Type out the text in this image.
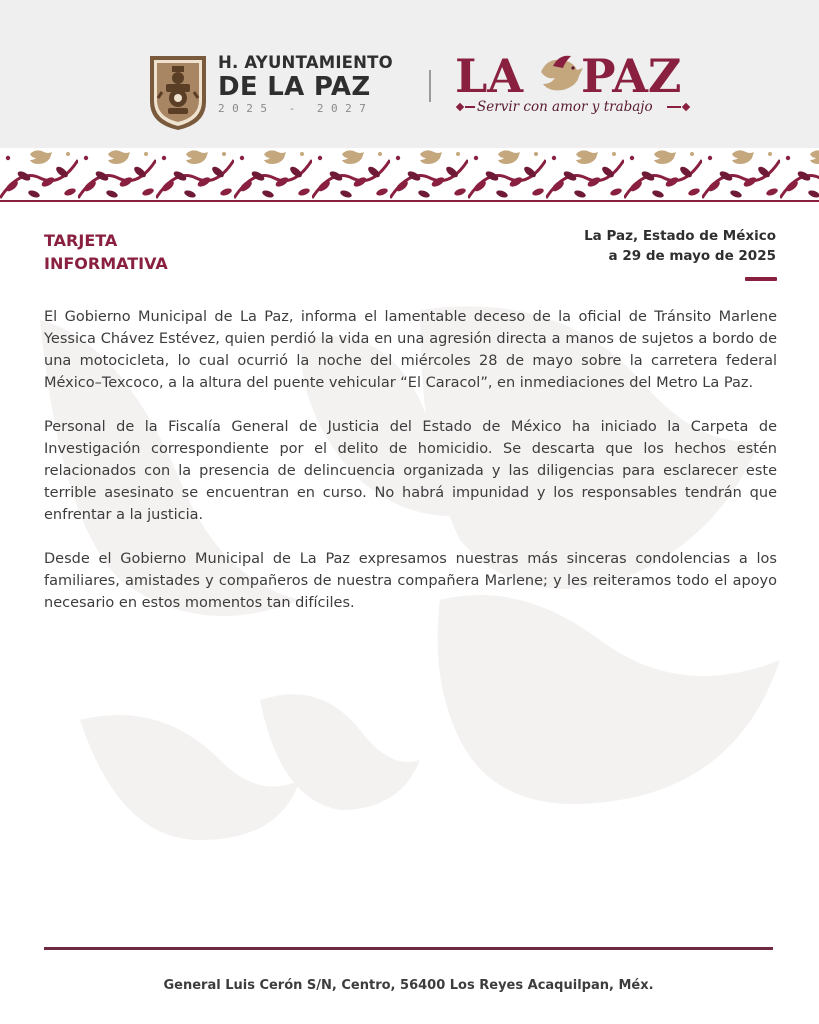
H. AYUNTAMIENTO
DE LA PAZ
2025 - 2027
LA PAZ
Servir con amor y trabajo
TARJETA
INFORMATIVA
La Paz, Estado de México
a 29 de mayo de 2025

El Gobierno Municipal de La Paz, informa el lamentable deceso de la oficial de Tránsito Marlene Yessica Chávez Estévez, quien perdió la vida en una agresión directa a manos de sujetos a bordo de una motocicleta, lo cual ocurrió la noche del miércoles 28 de mayo sobre la carretera federal México–Texcoco, a la altura del puente vehicular “El Caracol”, en inmediaciones del Metro La Paz.

Personal de la Fiscalía General de Justicia del Estado de México ha iniciado la Carpeta de Investigación correspondiente por el delito de homicidio. Se descarta que los hechos estén relacionados con la presencia de delincuencia organizada y las diligencias para esclarecer este terrible asesinato se encuentran en curso. No habrá impunidad y los responsables tendrán que enfrentar a la justicia.

Desde el Gobierno Municipal de La Paz expresamos nuestras más sinceras condolencias a los familiares, amistades y compañeros de nuestra compañera Marlene; y les reiteramos todo el apoyo necesario en estos momentos tan difíciles.

General Luis Cerón S/N, Centro, 56400 Los Reyes Acaquilpan, Méx.
